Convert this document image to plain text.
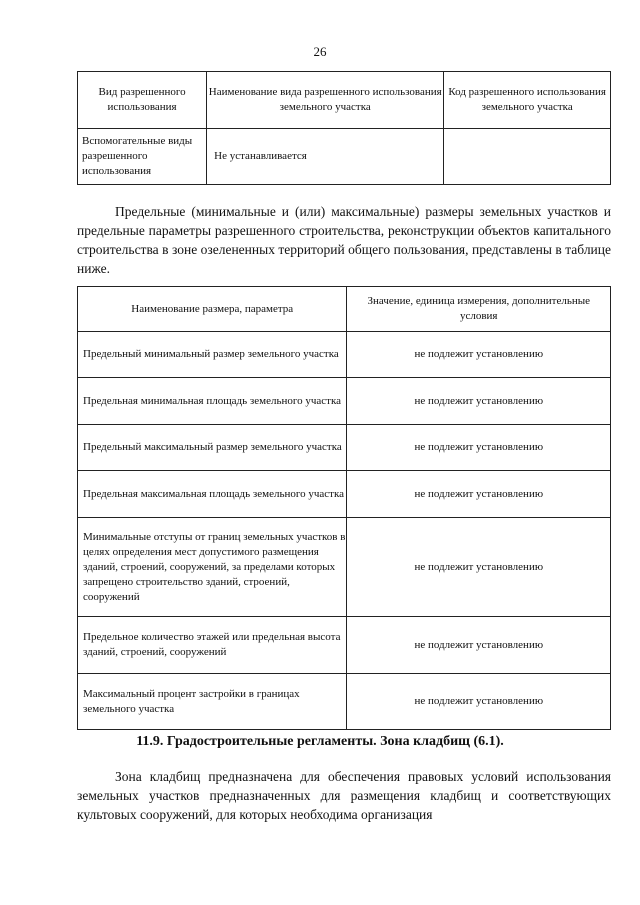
26
Вид разрешенного использования	Наименование вида разрешенного использования земельного участка	Код разрешенного использования земельного участка
Вспомогательные виды разрешенного использования	Не устанавливается	

Предельные (минимальные и (или) максимальные) размеры земельных участков и предельные параметры разрешенного строительства, реконструкции объектов капитального строительства в зоне озелененных территорий общего пользования, представлены в таблице ниже.

Наименование размера, параметра	Значение, единица измерения, дополнительные условия
Предельный минимальный размер земельного участка	не подлежит установлению
Предельная минимальная площадь земельного участка	не подлежит установлению
Предельный максимальный размер земельного участка	не подлежит установлению
Предельная максимальная площадь земельного участка	не подлежит установлению
Минимальные отступы от границ земельных участков в целях определения мест допустимого размещения зданий, строений, сооружений, за пределами которых запрещено строительство зданий, строений, сооружений	не подлежит установлению
Предельное количество этажей или предельная высота зданий, строений, сооружений	не подлежит установлению
Максимальный процент застройки в границах земельного участка	не подлежит установлению
11.9. Градостроительные регламенты. Зона кладбищ (6.1).

Зона кладбищ предназначена для обеспечения правовых условий использования земельных участков предназначенных для размещения кладбищ и соответствующих культовых сооружений, для которых необходима организация
